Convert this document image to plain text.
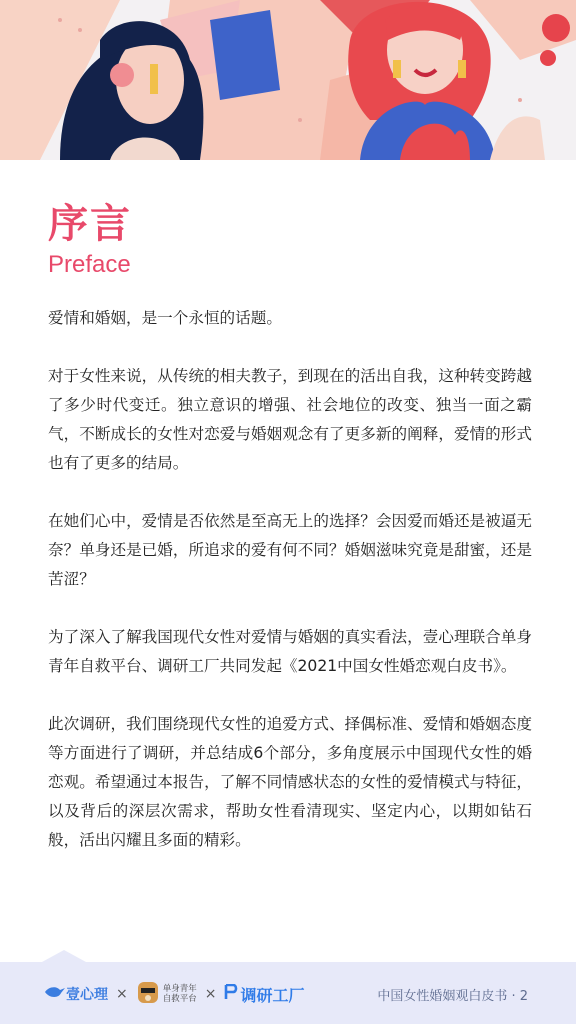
序言
Preface

爱情和婚姻，是一个永恒的话题。

对于女性来说，从传统的相夫教子，到现在的活出自我，这种转变跨越了多少时代变迁。独立意识的增强、社会地位的改变、独当一面之霸气，不断成长的女性对恋爱与婚姻观念有了更多新的阐释，爱情的形式也有了更多的结局。

在她们心中，爱情是否依然是至高无上的选择？会因爱而婚还是被逼无奈？单身还是已婚，所追求的爱有何不同？婚姻滋味究竟是甜蜜，还是苦涩？

为了深入了解我国现代女性对爱情与婚姻的真实看法，壹心理联合单身青年自救平台、调研工厂共同发起《2021中国女性婚恋观白皮书》。

此次调研，我们围绕现代女性的追爱方式、择偶标准、爱情和婚姻态度等方面进行了调研，并总结成6个部分，多角度展示中国现代女性的婚恋观。希望通过本报告，了解不同情感状态的女性的爱情模式与特征，以及背后的深层次需求，帮助女性看清现实、坚定内心，以期如钻石般，活出闪耀且多面的精彩。

壹心理 ×	单身青年
自救平台 × 调研工厂	中国女性婚姻观白皮书 · 2
